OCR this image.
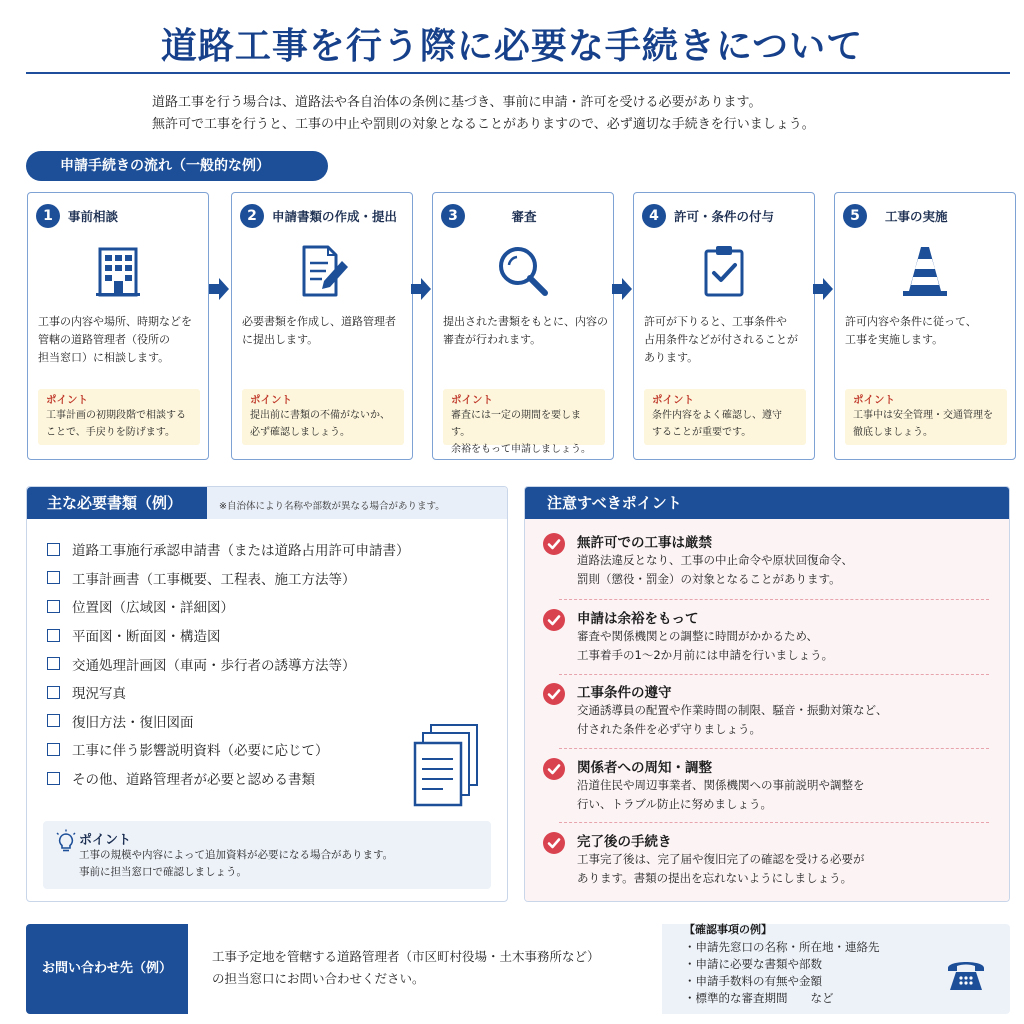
道路工事を行う際に必要な手続きについて
道路工事を行う場合は、道路法や各自治体の条例に基づき、事前に申請・許可を受ける必要があります。
無許可で工事を行うと、工事の中止や罰則の対象となることがありますので、必ず適切な手続きを行いましょう。
申請手続きの流れ（一般的な例）
1	事前相談
工事の内容や場所、時期などを
管轄の道路管理者（役所の
担当窓口）に相談します。
ポイント
工事計画の初期段階で相談する
ことで、手戻りを防げます。
2	申請書類の作成・提出
必要書類を作成し、道路管理者
に提出します。
ポイント
提出前に書類の不備がないか、
必ず確認しましょう。
3	審査
提出された書類をもとに、内容の
審査が行われます。
ポイント
審査には一定の期間を要します。
余裕をもって申請しましょう。
4	許可・条件の付与
許可が下りると、工事条件や
占用条件などが付されることが
あります。
ポイント
条件内容をよく確認し、遵守
することが重要です。
5	工事の実施
許可内容や条件に従って、
工事を実施します。
ポイント
工事中は安全管理・交通管理を
徹底しましょう。
主な必要書類（例）	※自治体により名称や部数が異なる場合があります。
道路工事施行承認申請書（または道路占用許可申請書）
工事計画書（工事概要、工程表、施工方法等）
位置図（広域図・詳細図）
平面図・断面図・構造図
交通処理計画図（車両・歩行者の誘導方法等）
現況写真
復旧方法・復旧図面
工事に伴う影響説明資料（必要に応じて）
その他、道路管理者が必要と認める書類
ポイント
工事の規模や内容によって追加資料が必要になる場合があります。
事前に担当窓口で確認しましょう。
注意すべきポイント
無許可での工事は厳禁
道路法違反となり、工事の中止命令や原状回復命令、
罰則（懲役・罰金）の対象となることがあります。
申請は余裕をもって
審査や関係機関との調整に時間がかかるため、
工事着手の1～2か月前には申請を行いましょう。
工事条件の遵守
交通誘導員の配置や作業時間の制限、騒音・振動対策など、
付された条件を必ず守りましょう。
関係者への周知・調整
沿道住民や周辺事業者、関係機関への事前説明や調整を
行い、トラブル防止に努めましょう。
完了後の手続き
工事完了後は、完了届や復旧完了の確認を受ける必要が
あります。書類の提出を忘れないようにしましょう。
お問い合わせ先（例）
工事予定地を管轄する道路管理者（市区町村役場・土木事務所など）
の担当窓口にお問い合わせください。
【確認事項の例】
・申請先窓口の名称・所在地・連絡先
・申請に必要な書類や部数
・申請手数料の有無や金額
・標準的な審査期間　　など
